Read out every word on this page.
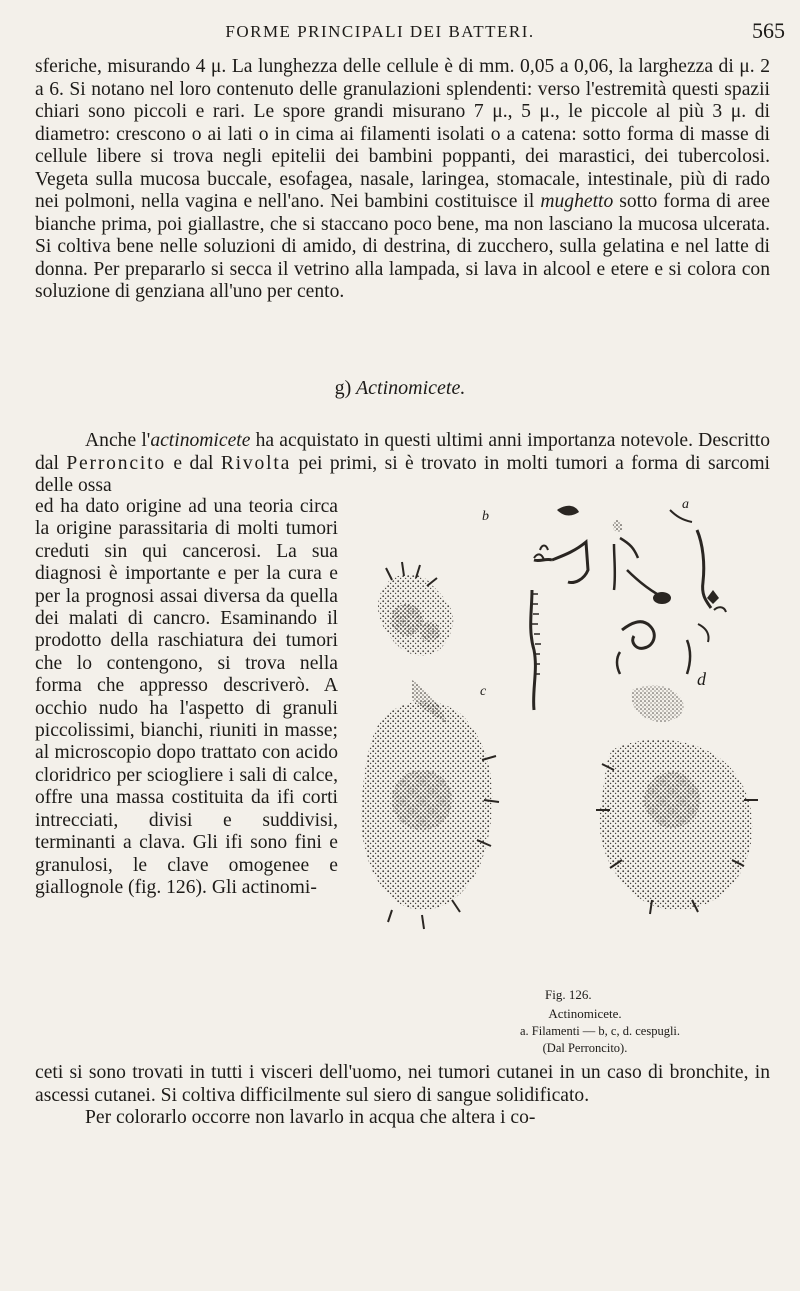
FORME PRINCIPALI DEI BATTERI.	565

sferiche, misurando 4 μ. La lunghezza delle cellule è di mm. 0,05 a 0,06, la larghezza di μ. 2 a 6. Si notano nel loro contenuto delle granulazioni splendenti: verso l'estremità questi spazii chiari sono piccoli e rari. Le spore grandi misurano 7 μ., 5 μ., le piccole al più 3 μ. di diametro: crescono o ai lati o in cima ai filamenti isolati o a catena: sotto forma di masse di cellule libere si trova negli epitelii dei bambini poppanti, dei marastici, dei tubercolosi. Vegeta sulla mucosa buccale, esofagea, nasale, laringea, stomacale, intestinale, più di rado nei polmoni, nella vagina e nell'ano. Nei bambini costituisce il mughetto sotto forma di aree bianche prima, poi giallastre, che si staccano poco bene, ma non lasciano la mucosa ulcerata. Si coltiva bene nelle soluzioni di amido, di destrina, di zucchero, sulla gelatina e nel latte di donna. Per prepararlo si secca il vetrino alla lampada, si lava in alcool e etere e si colora con soluzione di genziana all'uno per cento.

g) Actinomicete.

Anche l'actinomicete ha acquistato in questi ultimi anni importanza notevole. Descritto dal Perroncito e dal Rivolta pei primi, si è trovato in molti tumori a forma di sarcomi delle ossa

ed ha dato origine ad una teoria circa la origine parassitaria di molti tumori creduti sin qui cancerosi. La sua diagnosi è importante e per la cura e per la prognosi assai diversa da quella dei malati di cancro. Esaminando il prodotto della raschiatura dei tumori che lo contengono, si trova nella forma che appresso descriverò. A occhio nudo ha l'aspetto di granuli piccolissimi, bianchi, riuniti in masse; al microscopio dopo trattato con acido cloridrico per sciogliere i sali di calce, offre una massa costituita da ifi corti intrecciati, divisi e suddivisi, terminanti a clava. Gli ifi sono fini e granulosi, le clave omogenee e giallognole (fig. 126). Gli actinomi-

ceti si sono trovati in tutti i visceri dell'uomo, nei tumori cutanei in un caso di bronchite, in ascessi cutanei. Si coltiva difficilmente sul siero di sangue solidificato.
Per colorarlo occorre non lavarlo in acqua che altera i co-

b
c
a
d
Fig. 126.
Actinomicete.
a. Filamenti — b, c, d. cespugli.
(Dal Perroncito).
